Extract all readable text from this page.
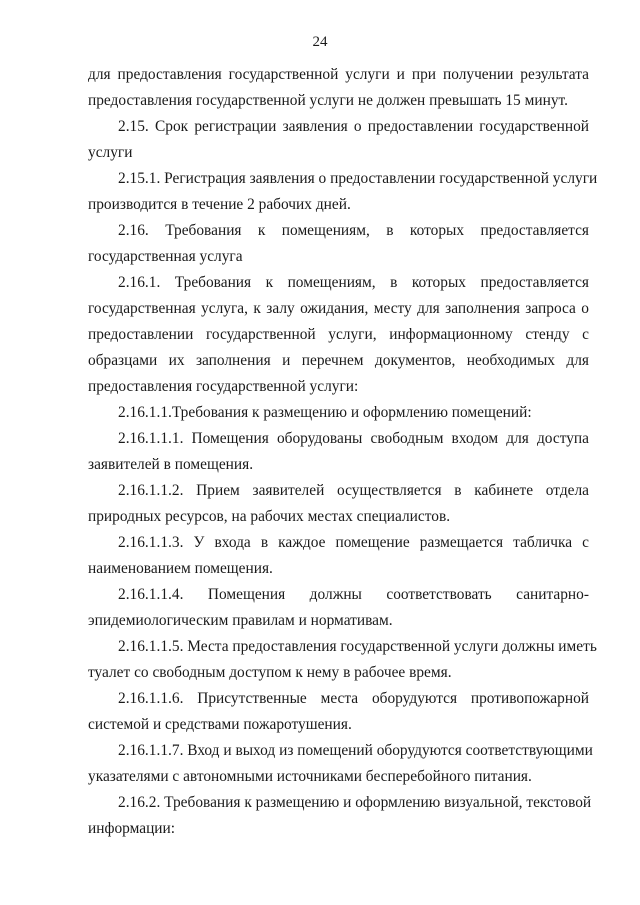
24
для предоставления государственной услуги и при получении результата
предоставления государственной услуги не должен превышать 15 минут.
2.15. Срок регистрации заявления о предоставлении государственной
услуги
2.15.1. Регистрация заявления о предоставлении государственной услуги
производится в течение 2 рабочих дней.
2.16. Требования к помещениям, в которых предоставляется
государственная услуга
2.16.1. Требования к помещениям, в которых предоставляется
государственная услуга, к залу ожидания, месту для заполнения запроса о
предоставлении государственной услуги, информационному стенду с
образцами их заполнения и перечнем документов, необходимых для
предоставления государственной услуги:
2.16.1.1.Требования к размещению и оформлению помещений:
2.16.1.1.1. Помещения оборудованы свободным входом для доступа
заявителей в помещения.
2.16.1.1.2. Прием заявителей осуществляется в кабинете отдела
природных ресурсов, на рабочих местах специалистов.
2.16.1.1.3. У входа в каждое помещение размещается табличка с
наименованием помещения.
2.16.1.1.4. Помещения должны соответствовать санитарно-
эпидемиологическим правилам и нормативам.
2.16.1.1.5. Места предоставления государственной услуги должны иметь
туалет со свободным доступом к нему в рабочее время.
2.16.1.1.6. Присутственные места оборудуются противопожарной
системой и средствами пожаротушения.
2.16.1.1.7. Вход и выход из помещений оборудуются соответствующими
указателями с автономными источниками бесперебойного питания.
2.16.2. Требования к размещению и оформлению визуальной, текстовой
информации:
